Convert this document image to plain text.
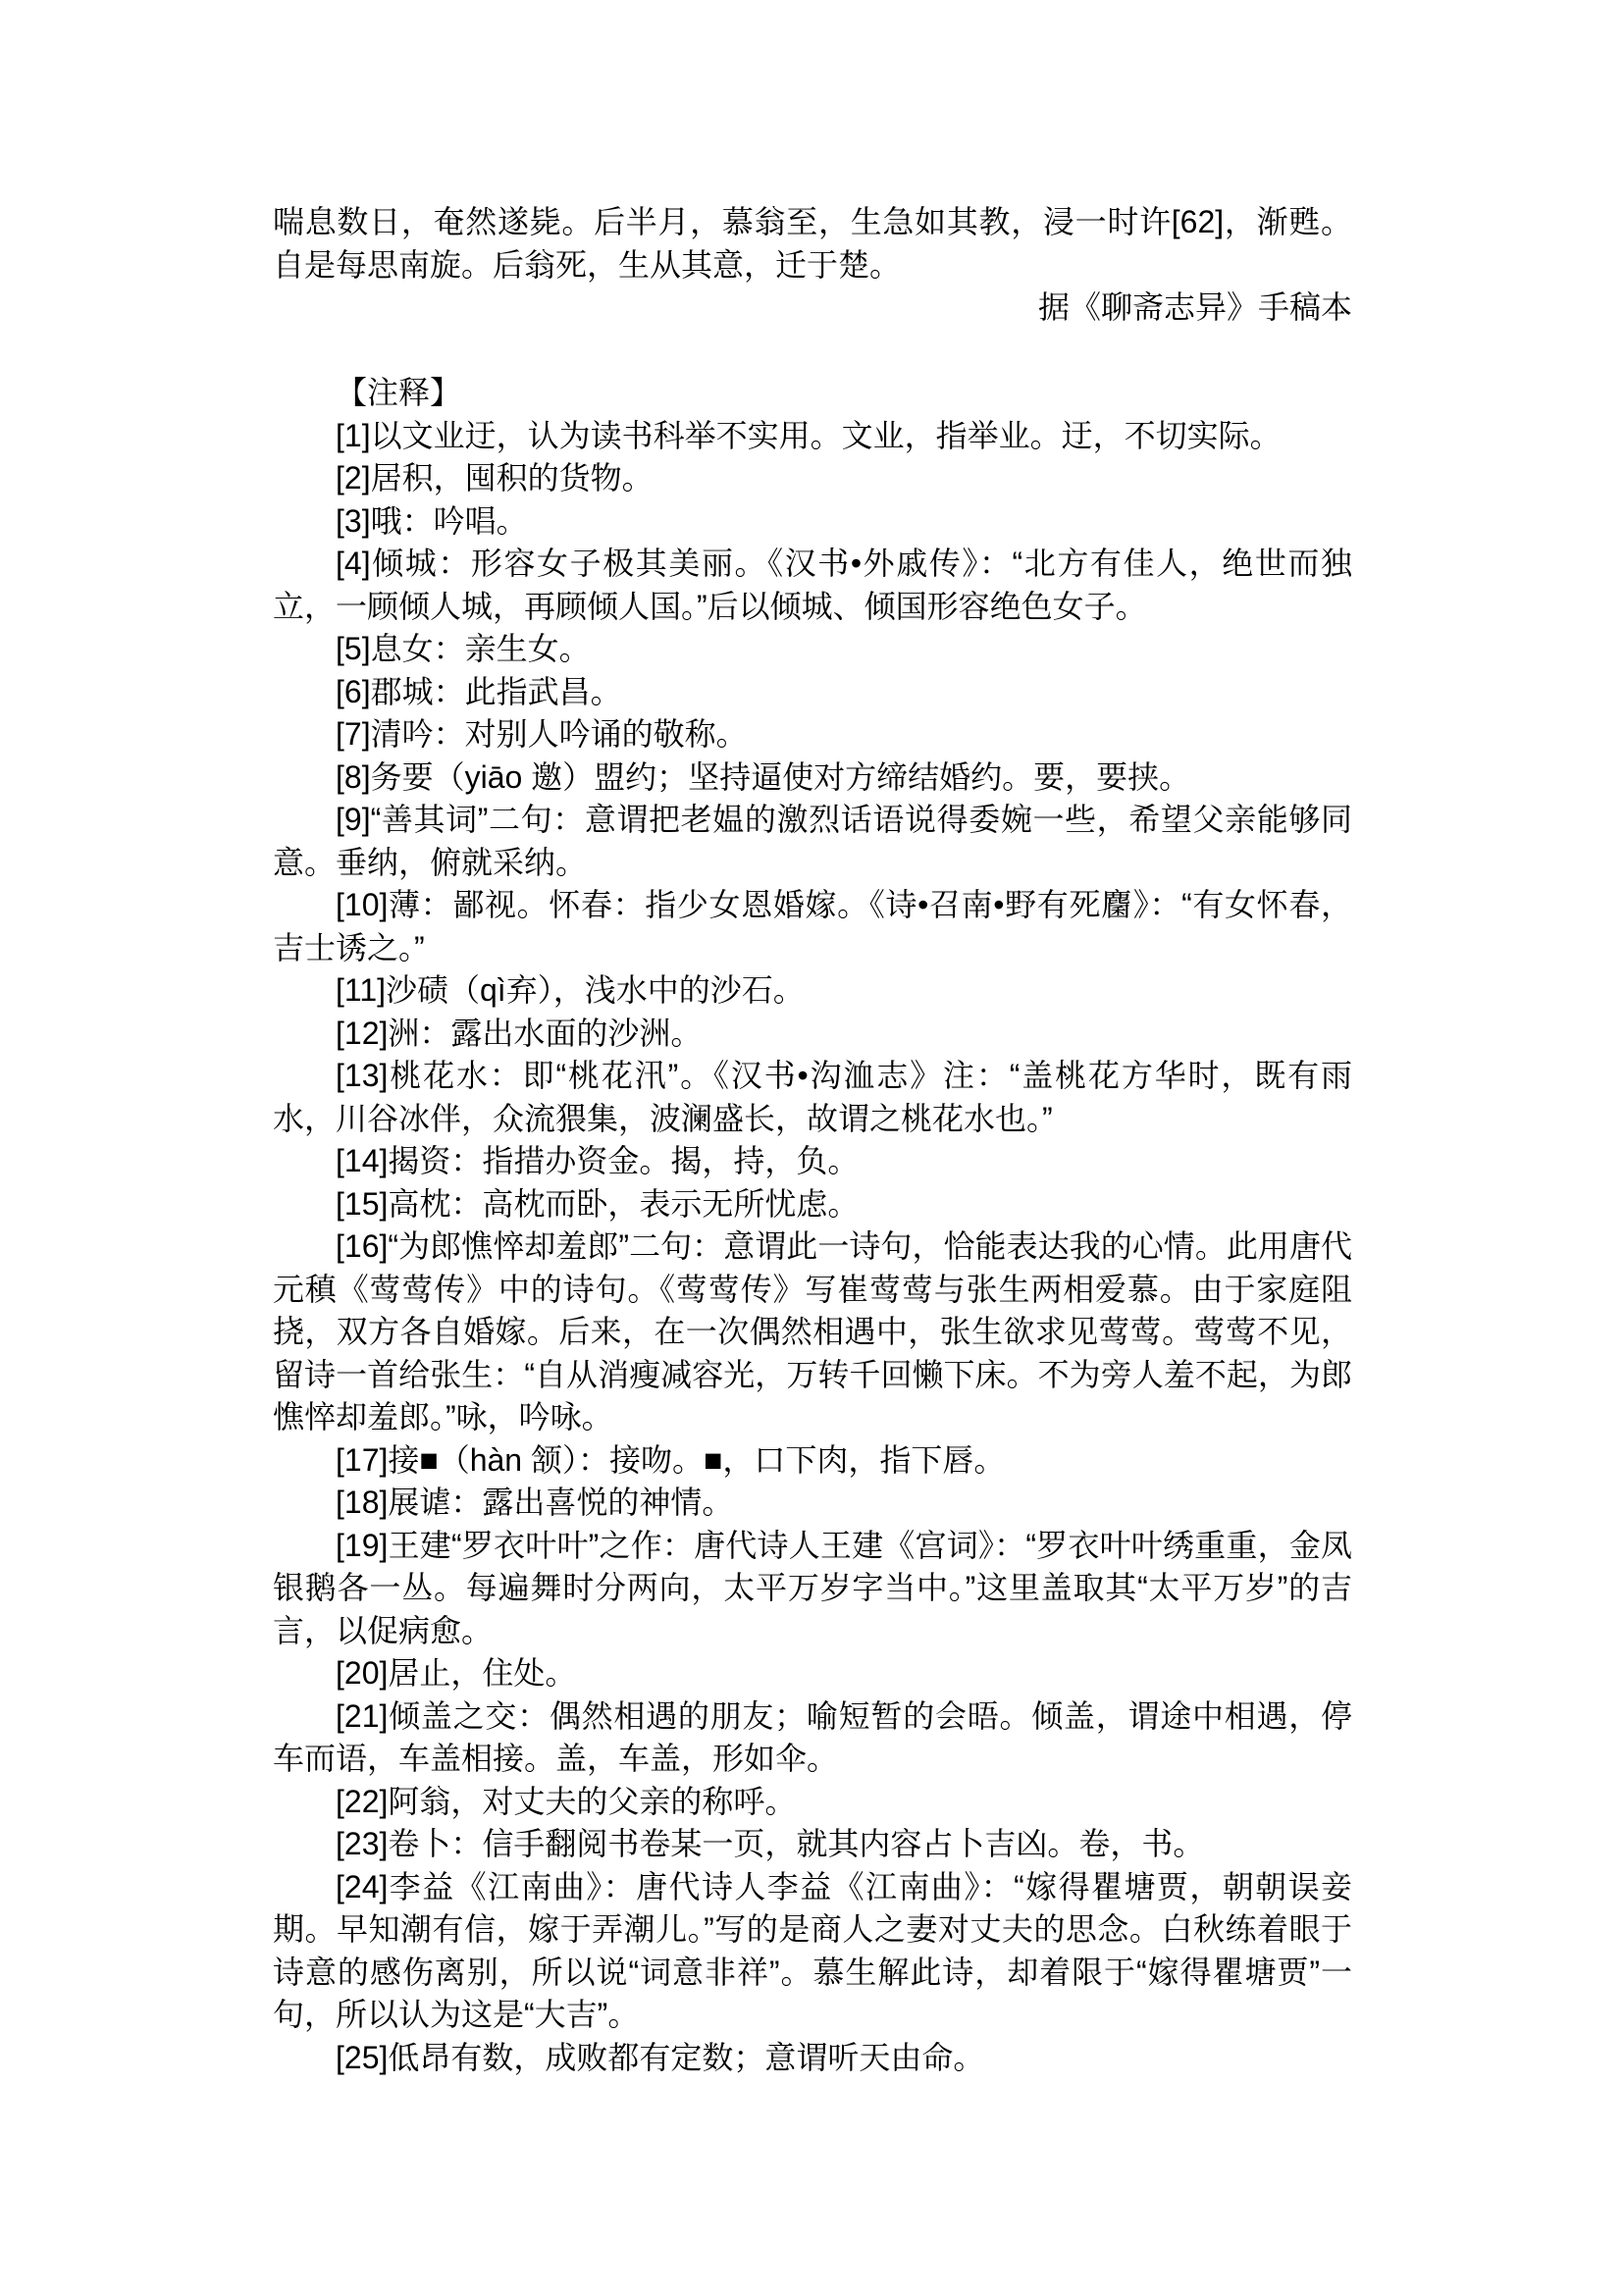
喘息数日，奄然遂毙。后半月，慕翁至，生急如其教，浸一时许[62]，渐甦。自是每思南旋。后翁死，生从其意，迁于楚。

据《聊斋志异》手稿本

【注释】

[1]以文业迂，认为读书科举不实用。文业，指举业。迂，不切实际。

[2]居积，囤积的货物。

[3]哦：吟唱。

[4]倾城：形容女子极其美丽。《汉书•外戚传》：“北方有佳人，绝世而独立，一顾倾人城，再顾倾人国。”后以倾城、倾国形容绝色女子。

[5]息女：亲生女。

[6]郡城：此指武昌。

[7]清吟：对别人吟诵的敬称。

[8]务要（yiāo 邀）盟约；坚持逼使对方缔结婚约。要，要挟。

[9]“善其词”二句：意谓把老媪的激烈话语说得委婉一些，希望父亲能够同意。垂纳，俯就采纳。

[10]薄：鄙视。怀春：指少女恩婚嫁。《诗•召南•野有死麕》：“有女怀春，吉士诱之。”

[11]沙碛（qì弃），浅水中的沙石。

[12]洲：露出水面的沙洲。

[13]桃花水：即“桃花汛”。《汉书•沟洫志》注：“盖桃花方华时，既有雨水，川谷冰伴，众流猥集，波澜盛长，故谓之桃花水也。”

[14]揭资：指措办资金。揭，持，负。

[15]高枕：高枕而卧，表示无所忧虑。

[16]“为郎憔悴却羞郎”二句：意谓此一诗句，恰能表达我的心情。此用唐代元稹《莺莺传》中的诗句。《莺莺传》写崔莺莺与张生两相爱慕。由于家庭阻挠，双方各自婚嫁。后来，在一次偶然相遇中，张生欲求见莺莺。莺莺不见，留诗一首给张生：“自从消瘦减容光，万转千回懒下床。不为旁人羞不起，为郎憔悴却羞郎。”咏，吟咏。

[17]接■（hàn 颔）：接吻。■，口下肉，指下唇。

[18]展谑：露出喜悦的神情。

[19]王建“罗衣叶叶”之作：唐代诗人王建《宫词》：“罗衣叶叶绣重重，金凤银鹅各一丛。每遍舞时分两向，太平万岁字当中。”这里盖取其“太平万岁”的吉言，以促病愈。

[20]居止，住处。

[21]倾盖之交：偶然相遇的朋友；喻短暂的会晤。倾盖，谓途中相遇，停车而语，车盖相接。盖，车盖，形如伞。

[22]阿翁，对丈夫的父亲的称呼。

[23]卷卜：信手翻阅书卷某一页，就其内容占卜吉凶。卷，书。

[24]李益《江南曲》：唐代诗人李益《江南曲》：“嫁得瞿塘贾，朝朝误妾期。早知潮有信，嫁于弄潮儿。”写的是商人之妻对丈夫的思念。白秋练着眼于诗意的感伤离别，所以说“词意非祥”。慕生解此诗，却着限于“嫁得瞿塘贾”一句，所以认为这是“大吉”。

[25]低昂有数，成败都有定数；意谓听天由命。
